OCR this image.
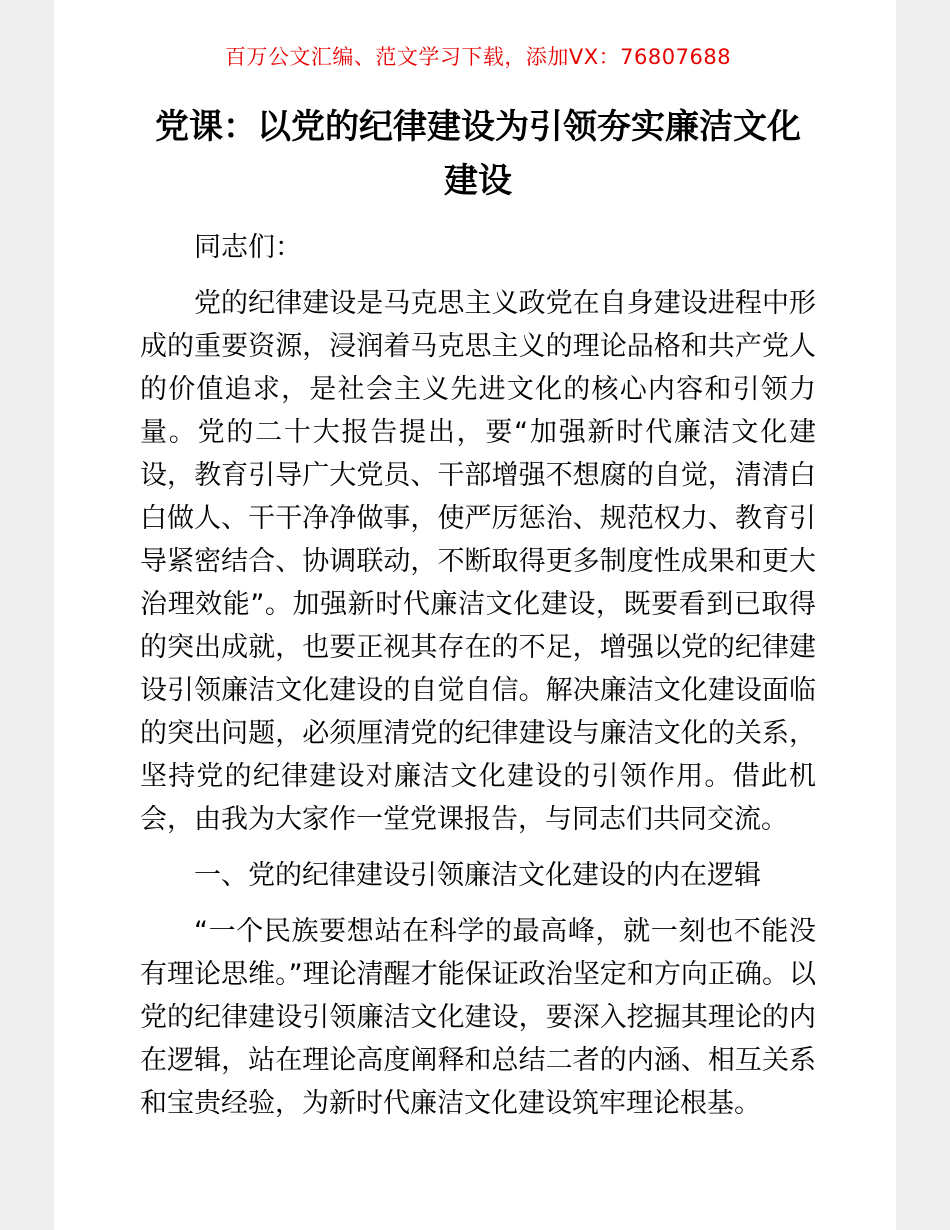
百万公文汇编、范文学习下载，添加VX：76807688
党课：以党的纪律建设为引领夯实廉洁文化建设

同志们：

党的纪律建设是马克思主义政党在自身建设进程中形成的重要资源，浸润着马克思主义的理论品格和共产党人的价值追求，是社会主义先进文化的核心内容和引领力量。党的二十大报告提出，要“加强新时代廉洁文化建设，教育引导广大党员、干部增强不想腐的自觉，清清白白做人、干干净净做事，使严厉惩治、规范权力、教育引导紧密结合、协调联动，不断取得更多制度性成果和更大治理效能”。加强新时代廉洁文化建设，既要看到已取得的突出成就，也要正视其存在的不足，增强以党的纪律建设引领廉洁文化建设的自觉自信。解决廉洁文化建设面临的突出问题，必须厘清党的纪律建设与廉洁文化的关系，坚持党的纪律建设对廉洁文化建设的引领作用。借此机会，由我为大家作一堂党课报告，与同志们共同交流。

一、党的纪律建设引领廉洁文化建设的内在逻辑

“一个民族要想站在科学的最高峰，就一刻也不能没有理论思维。”理论清醒才能保证政治坚定和方向正确。以党的纪律建设引领廉洁文化建设，要深入挖掘其理论的内在逻辑，站在理论高度阐释和总结二者的内涵、相互关系和宝贵经验，为新时代廉洁文化建设筑牢理论根基。
